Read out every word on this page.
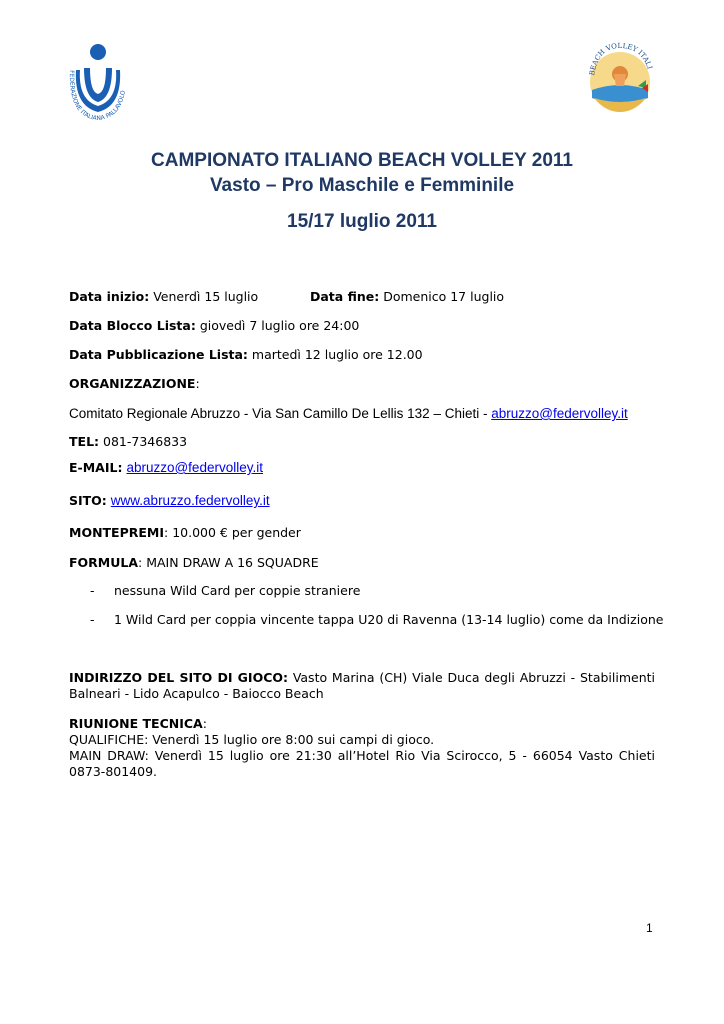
FEDERAZIONE ITALIANA PALLAVOLO
BEACH VOLLEY ITALI
CAMPIONATO ITALIANO BEACH VOLLEY 2011
Vasto – Pro Maschile e Femminile
15/17 luglio 2011
Data inizio: Venerdì 15 luglio	Data fine: Domenico 17 luglio
Data Blocco Lista: giovedì 7 luglio ore 24:00
Data Pubblicazione Lista: martedì 12 luglio ore 12.00
ORGANIZZAZIONE:
Comitato Regionale Abruzzo - Via San Camillo De Lellis 132 – Chieti - abruzzo@federvolley.it
TEL: 081-7346833
E-MAIL: abruzzo@federvolley.it
SITO: www.abruzzo.federvolley.it
MONTEPREMI: 10.000 € per gender
FORMULA: MAIN DRAW A 16 SQUADRE
- nessuna Wild Card per coppie straniere
- 1 Wild Card per coppia vincente tappa U20 di Ravenna (13-14 luglio) come da Indizione
INDIRIZZO DEL SITO DI GIOCO: Vasto Marina (CH) Viale Duca degli Abruzzi - Stabilimenti Balneari - Lido Acapulco - Baiocco Beach
RIUNIONE TECNICA:
QUALIFICHE: Venerdì 15 luglio ore 8:00 sui campi di gioco.
MAIN DRAW: Venerdì 15 luglio ore 21:30 all’Hotel Rio Via Scirocco, 5 - 66054 Vasto Chieti 0873-801409.
1
